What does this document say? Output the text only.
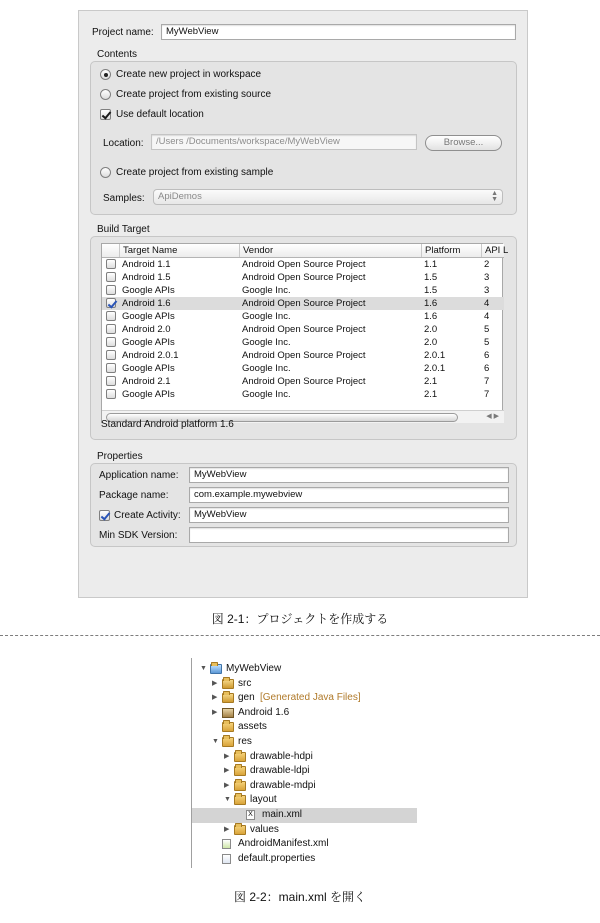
Project name:	MyWebView
Contents
Create new project in workspace
Create project from existing source
Use default location
Location:	/Users /Documents/workspace/MyWebView	Browse...
Create project from existing sample
Samples:	ApiDemos	▲
▼
Build Target
Target Name	Vendor	Platform	API L
Android 1.1	Android Open Source Project	1.1	2
Android 1.5	Android Open Source Project	1.5	3
Google APIs	Google Inc.	1.5	3
Android 1.6	Android Open Source Project	1.6	4
Google APIs	Google Inc.	1.6	4
Android 2.0	Android Open Source Project	2.0	5
Google APIs	Google Inc.	2.0	5
Android 2.0.1	Android Open Source Project	2.0.1	6
Google APIs	Google Inc.	2.0.1	6
Android 2.1	Android Open Source Project	2.1	7
Google APIs	Google Inc.	2.1	7
◀▶
Standard Android platform 1.6
Properties
Application name:	MyWebView
Package name:	com.example.mywebview
Create Activity:	MyWebView
Min SDK Version:
図 2-1：プロジェクトを作成する
▼ MyWebView
▶ src
▶ gen [Generated Java Files]
▶ Android 1.6
assets
▼ res
▶ drawable-hdpi
▶ drawable-ldpi
▶ drawable-mdpi
▼ layout
X main.xml
▶ values
AndroidManifest.xml
default.properties
図 2-2：main.xml を開く
